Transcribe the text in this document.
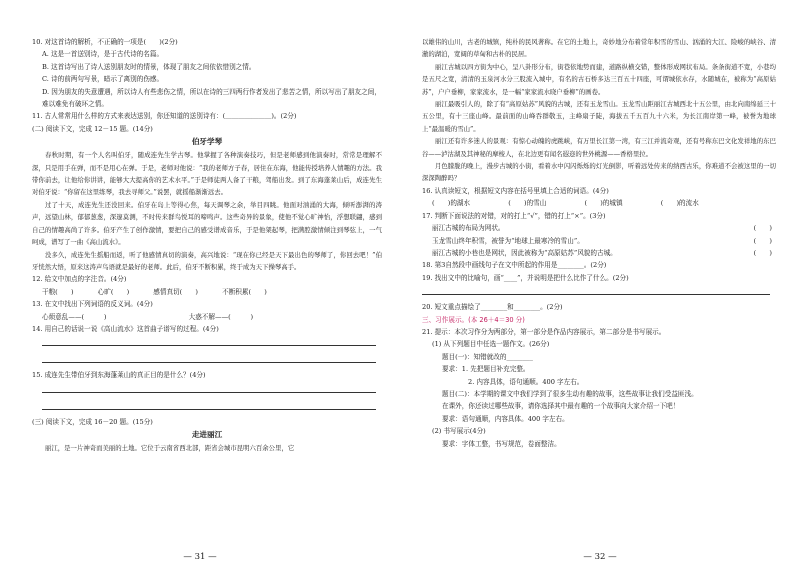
10. 对这首诗的解析，不正确的一项是(　　)(2分)
A. 这是一首送别诗，是于古代诗的名篇。
B. 这首诗写出了诗人送别朋友时的情景，体现了朋友之间依依惜别之情。
C. 诗的前两句写景，暗示了离别的伤感。
D. 因为朋友的失意遭遇，所以诗人有些悲伤之情，所以在诗的三四两行作者发出了悲苦之情，所以写出了朋友之间，难以难免有破坏之情。
11. 古人常常用什么样的方式来表达送别，你还知道的送别诗有：(＿＿＿＿＿＿＿)。(2分)
(二) 阅读下文，完成 12－15 题。(14分)
伯牙学琴
春秋时期，有一个人名叫伯牙，随成连先生学古琴。他掌握了各种演奏技巧，但是老师感到他演奏时，常常是理解不深，只是用手在弹，而不是用心在弹。于是，老师对他说：“我的老师方子春，居住在东海，他能传授培养人情趣的方法。我带你前去，让他给你讲讲，能够大大提高你的艺术水平。”于是师徒两人备了干粮，驾船出发。到了东海蓬莱山后，成连先生对伯牙说：“你留在这里练琴，我去寻师父。”说罢，就摇船渐渐远去。
过了十天，成连先生还没回来。伯牙在岛上等得心焦，每天调琴之余，举目四眺。他面对汹涌的大海，倾听澎湃的涛声，远望山林，郁郁葱葱，深邃莫测，不时传来群鸟悦耳的啼鸣声。这些奇异的景象，使他不觉心旷神怡，浮想联翩，感到自己的情趣高尚了许多。伯牙产生了创作激情，要把自己的感受谱成音乐，于是他架起琴，把满腔激情倾注到琴弦上，一气呵成，谱写了一曲《高山流水》。
没多久，成连先生摇船而返，听了他感情真切的演奏，高兴地说：“现在你已经是天下最出色的琴师了，你回去吧！”伯牙恍然大悟，原来这涛声鸟语就是最好的老师。此后，伯牙不断积累，终于成为天下操琴高手。
12. 给文中加点的字注音。(4分)
干粮(　　)	心旷(　　)	感情真切(　　)	不断积累(　　)
13. 在文中找出下列词语的反义词。(4分)
心烦意乱——(　　　)	大惑不解——(　　　)
14. 用自己的话说一说《高山流水》这首曲子谱写的过程。(4分)
15. 成连先生带伯牙到东海蓬莱山的真正目的是什么？(4分)
(三) 阅读下文，完成 16－20 题。(15分)
走进丽江
丽江，是一片神奇而美丽的土地。它位于云南省西北部，距省会城市昆明六百余公里，它
— 31 —
以雄伟的山川，古老的城镇，纯朴的民风著称。在它的土地上，奇妙地分布着常年积雪的雪山、汹涌的大江、险峻的峡谷、清澈的湖泊，宽阔的草甸和古朴的民居。
丽江古城以四方街为中心，呈八卦形分布，街巷依地势而建，道路纵横交错，整体形成网状布局。条条街道不宽，小巷均是五尺之宽，清清的玉泉河水分三股流入城中，有名的古石桥多达三百五十四座，可谓城依水存，水随城在，被称为“高原姑苏”，户户垂柳，家家流水，是一幅“家家流水晓户垂柳”的画卷。
丽江最吸引人的，除了有“高原姑苏”风貌的古城，还有玉龙雪山。玉龙雪山距丽江古城西北十五公里，由北向南绵延三十五公里，有十三座山峰。最前面的山峰吞群敬玉，主峰扇子陡，海拔五千五百九十六米，为长江南岸第一峰，被誉为地球上“最温暖的雪山”。
丽江还有许多迷人的景观：有惊心动魄的虎跳峡，有万里长江第一湾，有三江并流奇观，还有号称东巴文化发祥地的东巴谷——泸沽湖及其神秘的摩梭人，在北边更有闻名遐迩的世外桃源——香格里拉。
月色朦胧的晚上，漫步古城的小街，看着水中闪闪烁烁的灯光倒影，听着远处传来的纳西古乐，你难道不会被这里的一切深深陶醉吗？
16. 认真读短文，根据短文内容在括号里填上合适的词语。(4分)
(　　)的湖水	(　　)的雪山	(　　)的城镇	(　　)的流水
17. 判断下面说法的对错，对的打上“√”，错的打上“×”。(3分)
丽江古城的布局为网状。	(　　)
玉龙雪山终年积雪，被誉为“地球上最寒冷的雪山”。	(　　)
丽江古城的小巷也是网状，因此被称为“高原姑苏”风貌的古城。	(　　)
18. 第3自然段中画线句子在文中所起的作用是________。(2分)
19. 找出文中的比喻句，画“____”，并说明是把什么比作了什么。(2分)
20. 短文重点描绘了________和________。(2分)
三、习作展示。(本 26＋4＝30 分)
21. 提示：本次习作分为两部分，第一部分是作品内容展示，第二部分是书写展示。
(1) 从下列题目中任选一题作文。(26分)
题目(一)：知错就改的________
要求：1. 先把题目补充完整。
2. 内容具体，语句通顺。400 字左右。
题目(二)：本学期的课文中我们学到了很多生动有趣的故事，这些故事让我们受益匪浅。
在课外，你还读过哪些故事，请你选择其中最有趣的一个故事向大家介绍一下吧！
要求：语句通顺，内容具体。400 字左右。
(2) 书写展示(4分)
要求：字体工整，书写规范，卷面整洁。
— 32 —
